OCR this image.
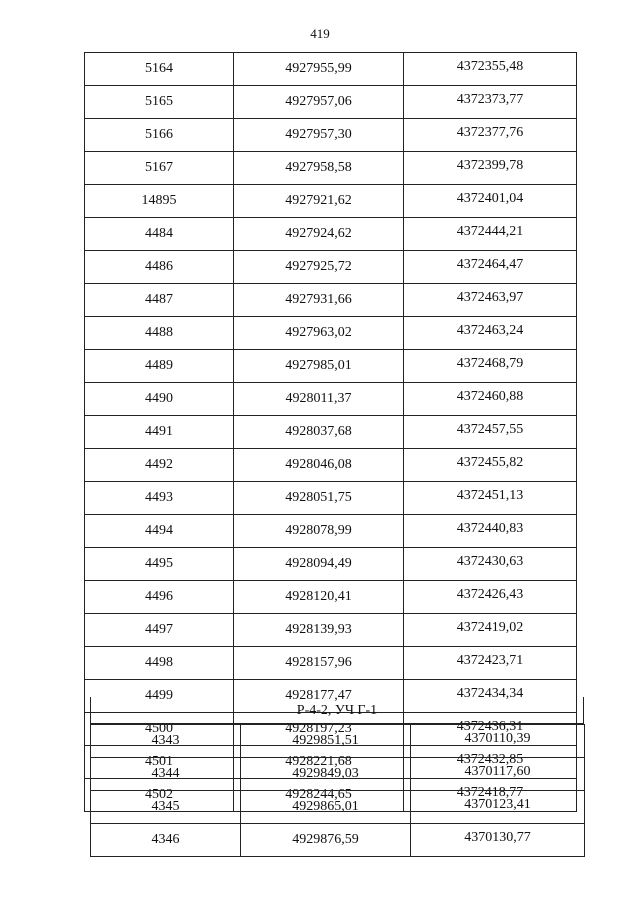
419
5164	4927955,99	4372355,48
5165	4927957,06	4372373,77
5166	4927957,30	4372377,76
5167	4927958,58	4372399,78
14895	4927921,62	4372401,04
4484	4927924,62	4372444,21
4486	4927925,72	4372464,47
4487	4927931,66	4372463,97
4488	4927963,02	4372463,24
4489	4927985,01	4372468,79
4490	4928011,37	4372460,88
4491	4928037,68	4372457,55
4492	4928046,08	4372455,82
4493	4928051,75	4372451,13
4494	4928078,99	4372440,83
4495	4928094,49	4372430,63
4496	4928120,41	4372426,43
4497	4928139,93	4372419,02
4498	4928157,96	4372423,71
4499	4928177,47	4372434,34
4500	4928197,23	4372436,31
4501	4928221,68	4372432,85
4502	4928244,65	4372418,77
Р-4-2, УЧ Г-1
4343	4929851,51	4370110,39
4344	4929849,03	4370117,60
4345	4929865,01	4370123,41
4346	4929876,59	4370130,77
